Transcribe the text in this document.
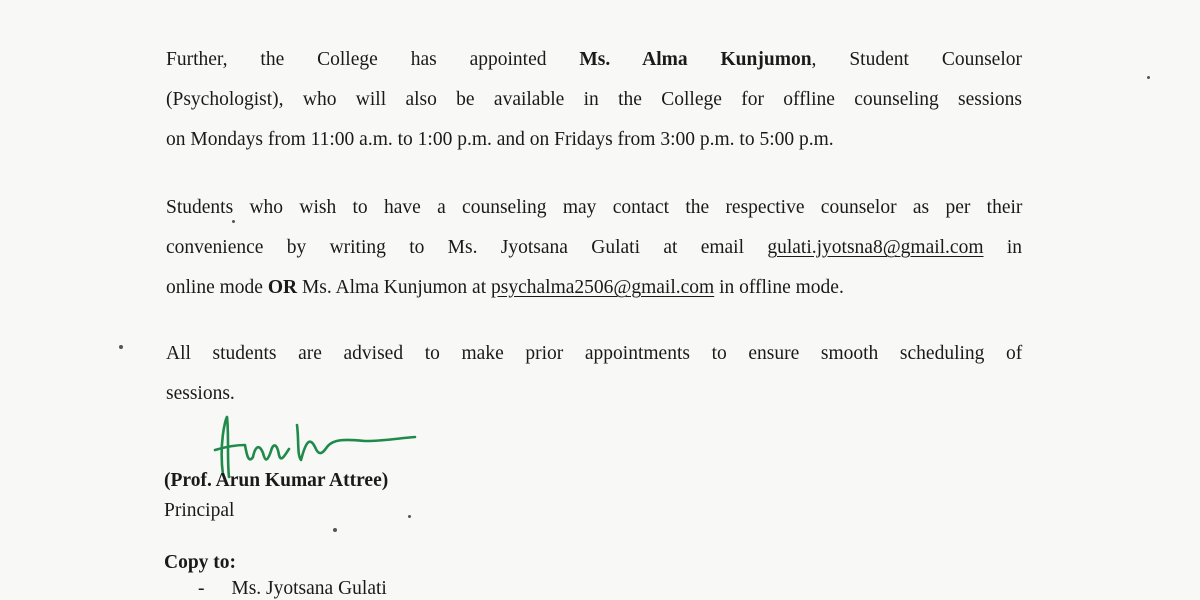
Further, the College has appointed Ms. Alma Kunjumon, Student Counselor
(Psychologist), who will also be available in the College for offline counseling sessions
on Mondays from 11:00 a.m. to 1:00 p.m. and on Fridays from 3:00 p.m. to 5:00 p.m.
Students who wish to have a counseling may contact the respective counselor as per their
convenience by writing to Ms. Jyotsana Gulati at email gulati.jyotsna8@gmail.com in
online mode OR Ms. Alma Kunjumon at psychalma2506@gmail.com in offline mode.
All students are advised to make prior appointments to ensure smooth scheduling of
sessions.
(Prof. Arun Kumar Attree)
Principal
Copy to:
- Ms. Jyotsana Gulati
